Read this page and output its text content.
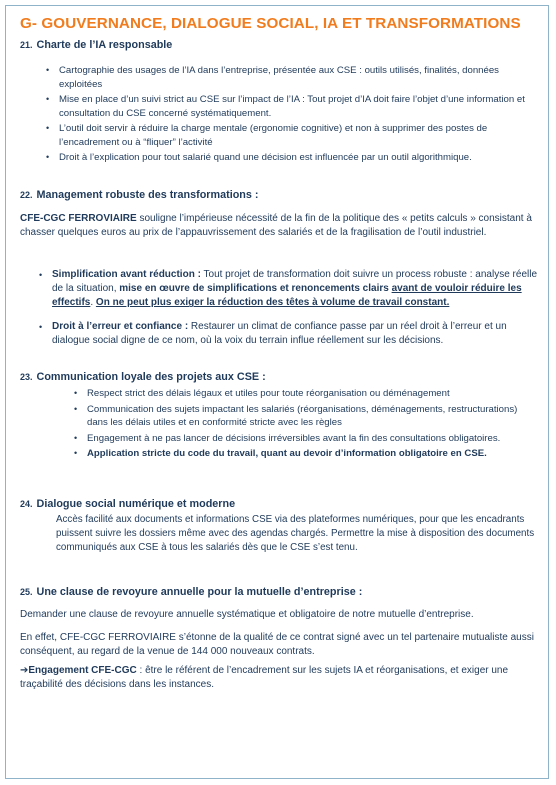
G- GOUVERNANCE, DIALOGUE SOCIAL, IA ET TRANSFORMATIONS
21. Charte de l’IA responsable
• Cartographie des usages de l’IA dans l’entreprise, présentée aux CSE : outils utilisés, finalités, données exploitées
• Mise en place d’un suivi strict au CSE sur l’impact de l’IA : Tout projet d’IA doit faire l’objet d’une information et consultation du CSE concerné systématiquement.
• L’outil doit servir à réduire la charge mentale (ergonomie cognitive) et non à supprimer des postes de l’encadrement ou à “fliquer” l’activité
• Droit à l’explication pour tout salarié quand une décision est influencée par un outil algorithmique.
22. Management robuste des transformations :
CFE-CGC FERROVIAIRE souligne l’impérieuse nécessité de la fin de la politique des « petits calculs » consistant à chasser quelques euros au prix de l’appauvrissement des salariés et de la fragilisation de l’outil industriel.
• Simplification avant réduction : Tout projet de transformation doit suivre un process robuste : analyse réelle de la situation, mise en œuvre de simplifications et renoncements clairs avant de vouloir réduire les effectifs. On ne peut plus exiger la réduction des têtes à volume de travail constant.
• Droit à l’erreur et confiance : Restaurer un climat de confiance passe par un réel droit à l’erreur et un dialogue social digne de ce nom, où la voix du terrain influe réellement sur les décisions.
23. Communication loyale des projets aux CSE :
• Respect strict des délais légaux et utiles pour toute réorganisation ou déménagement
• Communication des sujets impactant les salariés (réorganisations, déménagements, restructurations) dans les délais utiles et en conformité stricte avec les règles
• Engagement à ne pas lancer de décisions irréversibles avant la fin des consultations obligatoires.
• Application stricte du code du travail, quant au devoir d’information obligatoire en CSE.
24. Dialogue social numérique et moderne
Accès facilité aux documents et informations CSE via des plateformes numériques, pour que les encadrants puissent suivre les dossiers même avec des agendas chargés. Permettre la mise à disposition des documents communiqués aux CSE à tous les salariés dès que le CSE s’est tenu.
25. Une clause de revoyure annuelle pour la mutuelle d’entreprise :
Demander une clause de revoyure annuelle systématique et obligatoire de notre mutuelle d’entreprise.
En effet, CFE-CGC FERROVIAIRE s’étonne de la qualité de ce contrat signé avec un tel partenaire mutualiste aussi conséquent, au regard de la venue de 144 000 nouveaux contrats.
➔Engagement CFE-CGC : être le référent de l’encadrement sur les sujets IA et réorganisations, et exiger une traçabilité des décisions dans les instances.
